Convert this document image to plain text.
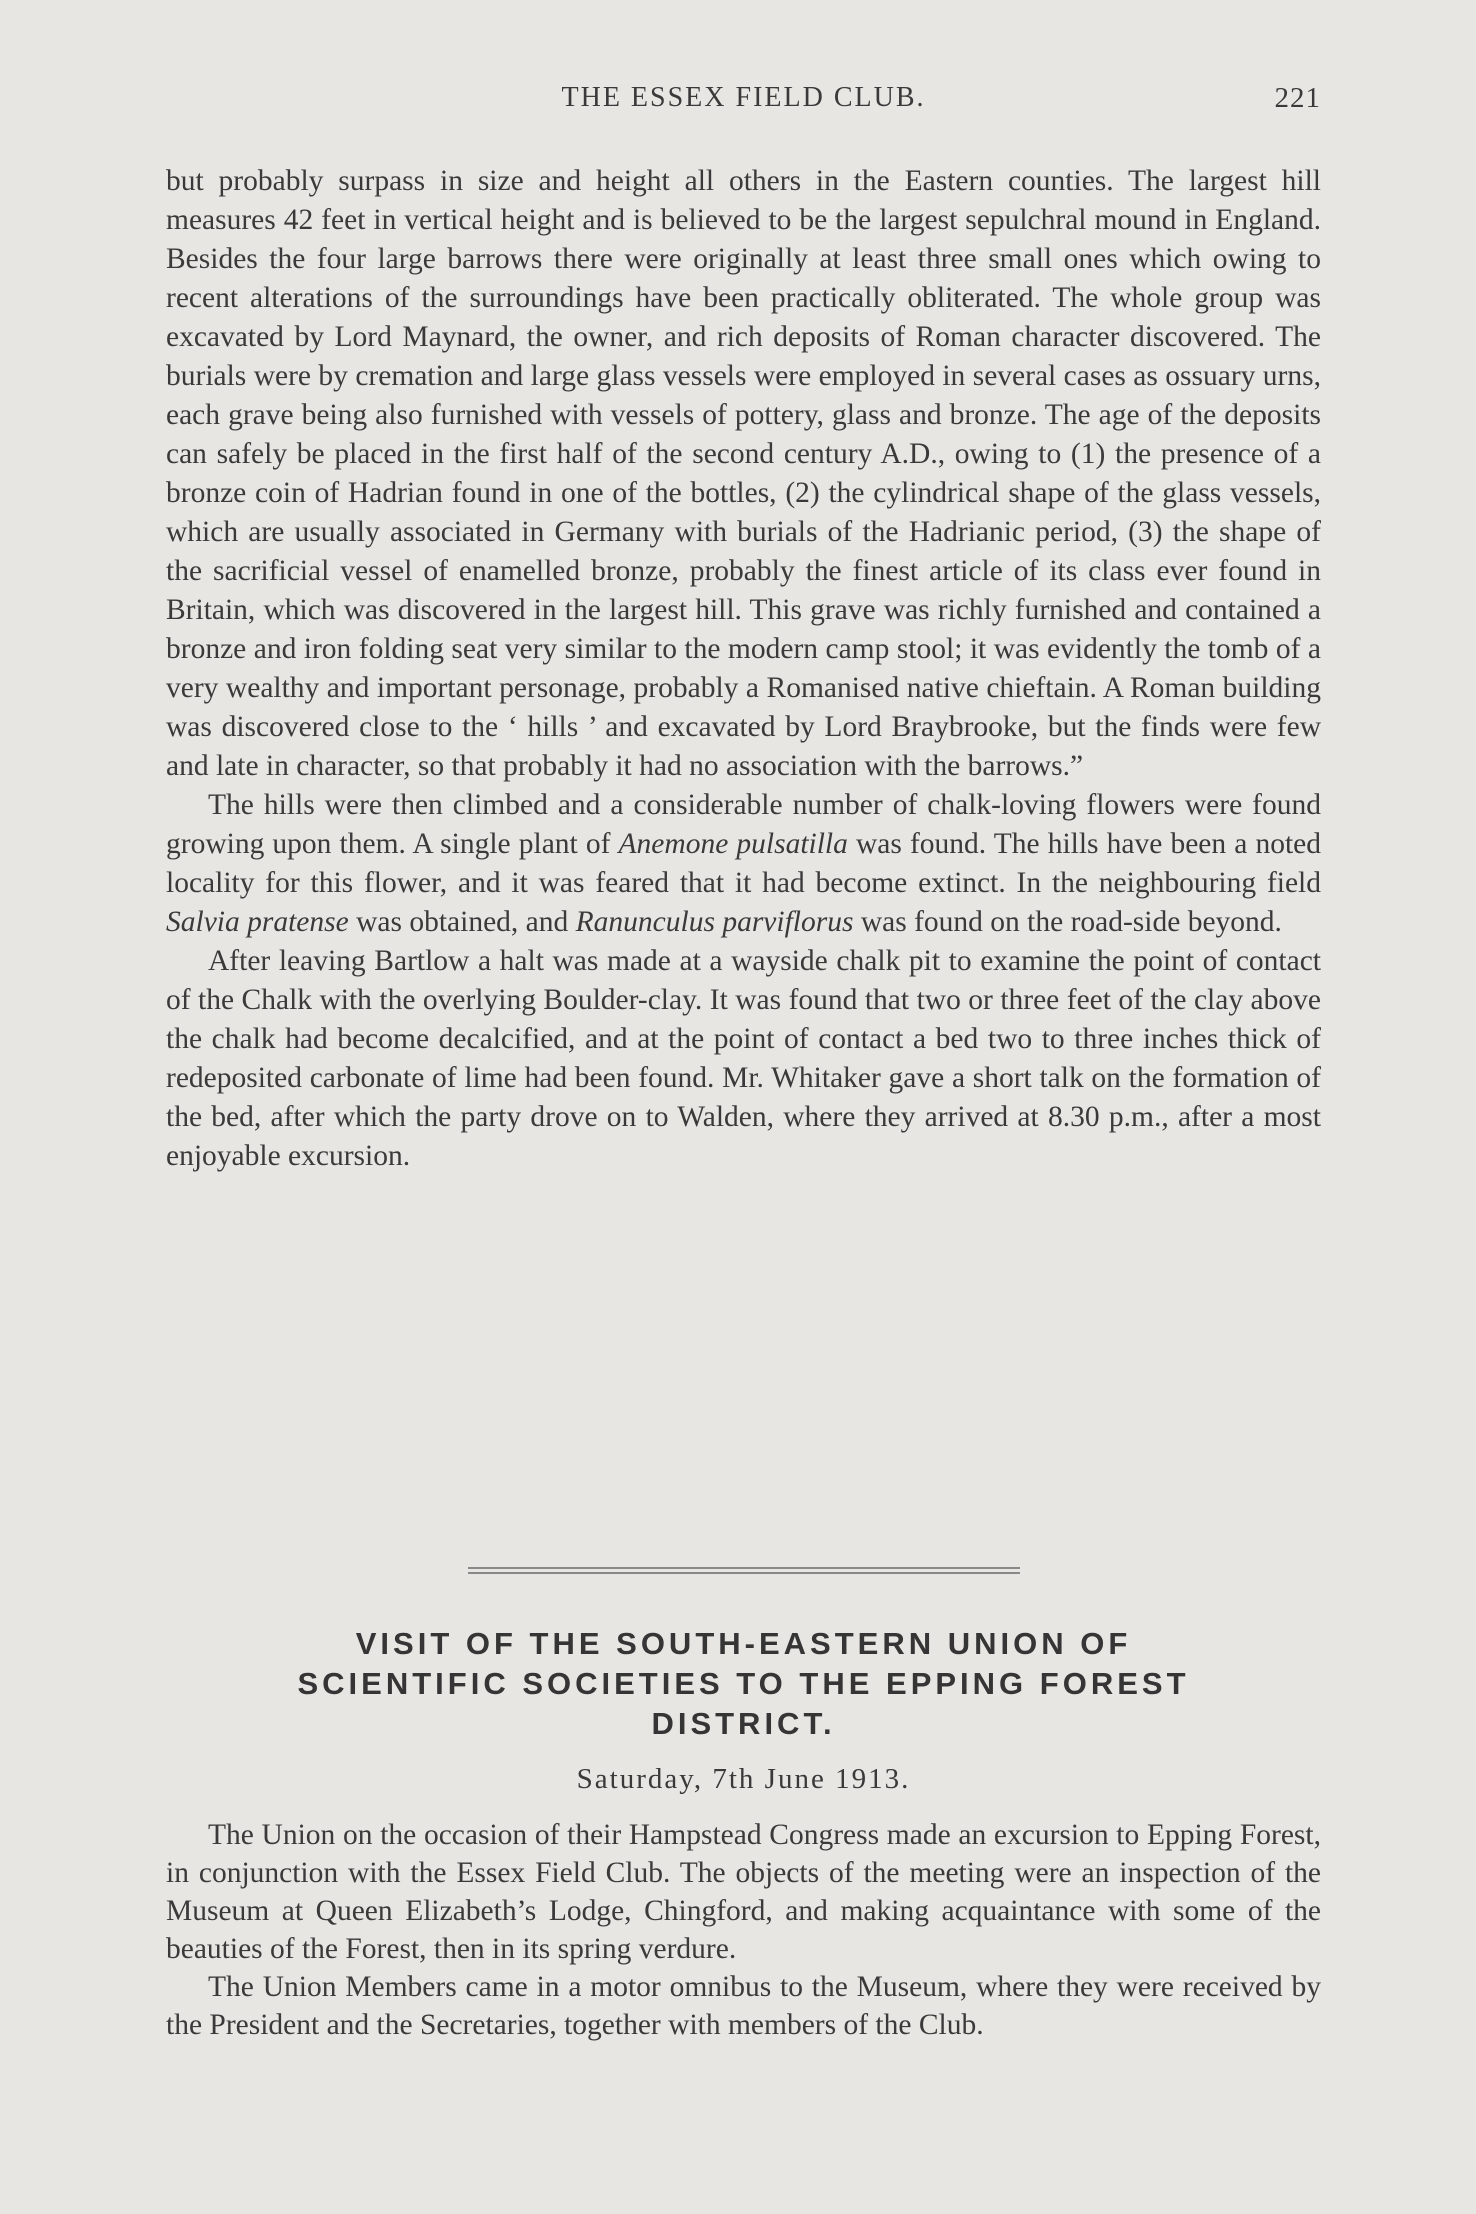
THE ESSEX FIELD CLUB.	221

but probably surpass in size and height all others in the Eastern counties. The largest hill measures 42 feet in vertical height and is believed to be the largest sepulchral mound in England. Besides the four large barrows there were originally at least three small ones which owing to recent alterations of the surroundings have been practically obliterated. The whole group was excavated by Lord Maynard, the owner, and rich deposits of Roman character discovered. The burials were by cremation and large glass vessels were employed in several cases as ossuary urns, each grave being also furnished with vessels of pottery, glass and bronze. The age of the deposits can safely be placed in the first half of the second century A.D., owing to (1) the presence of a bronze coin of Hadrian found in one of the bottles, (2) the cylindrical shape of the glass vessels, which are usually associated in Germany with burials of the Hadrianic period, (3) the shape of the sacrificial vessel of enamelled bronze, probably the finest article of its class ever found in Britain, which was discovered in the largest hill. This grave was richly furnished and contained a bronze and iron folding seat very similar to the modern camp stool; it was evidently the tomb of a very wealthy and important personage, probably a Romanised native chieftain. A Roman building was discovered close to the ‘ hills ’ and excavated by Lord Braybrooke, but the finds were few and late in character, so that probably it had no association with the barrows.”

The hills were then climbed and a considerable number of chalk-loving flowers were found growing upon them. A single plant of Anemone pulsatilla was found. The hills have been a noted locality for this flower, and it was feared that it had become extinct. In the neighbouring field Salvia pratense was obtained, and Ranunculus parviflorus was found on the road-side beyond.

After leaving Bartlow a halt was made at a wayside chalk pit to examine the point of contact of the Chalk with the overlying Boulder-clay. It was found that two or three feet of the clay above the chalk had become decalcified, and at the point of contact a bed two to three inches thick of redeposited carbonate of lime had been found. Mr. Whitaker gave a short talk on the formation of the bed, after which the party drove on to Walden, where they arrived at 8.30 p.m., after a most enjoyable excursion.

VISIT OF THE SOUTH-EASTERN UNION OF
SCIENTIFIC SOCIETIES TO THE EPPING FOREST
DISTRICT.
Saturday, 7th June 1913.

The Union on the occasion of their Hampstead Congress made an excursion to Epping Forest, in conjunction with the Essex Field Club. The objects of the meeting were an inspection of the Museum at Queen Elizabeth’s Lodge, Chingford, and making acquaintance with some of the beauties of the Forest, then in its spring verdure.

The Union Members came in a motor omnibus to the Museum, where they were received by the President and the Secretaries, together with members of the Club.
